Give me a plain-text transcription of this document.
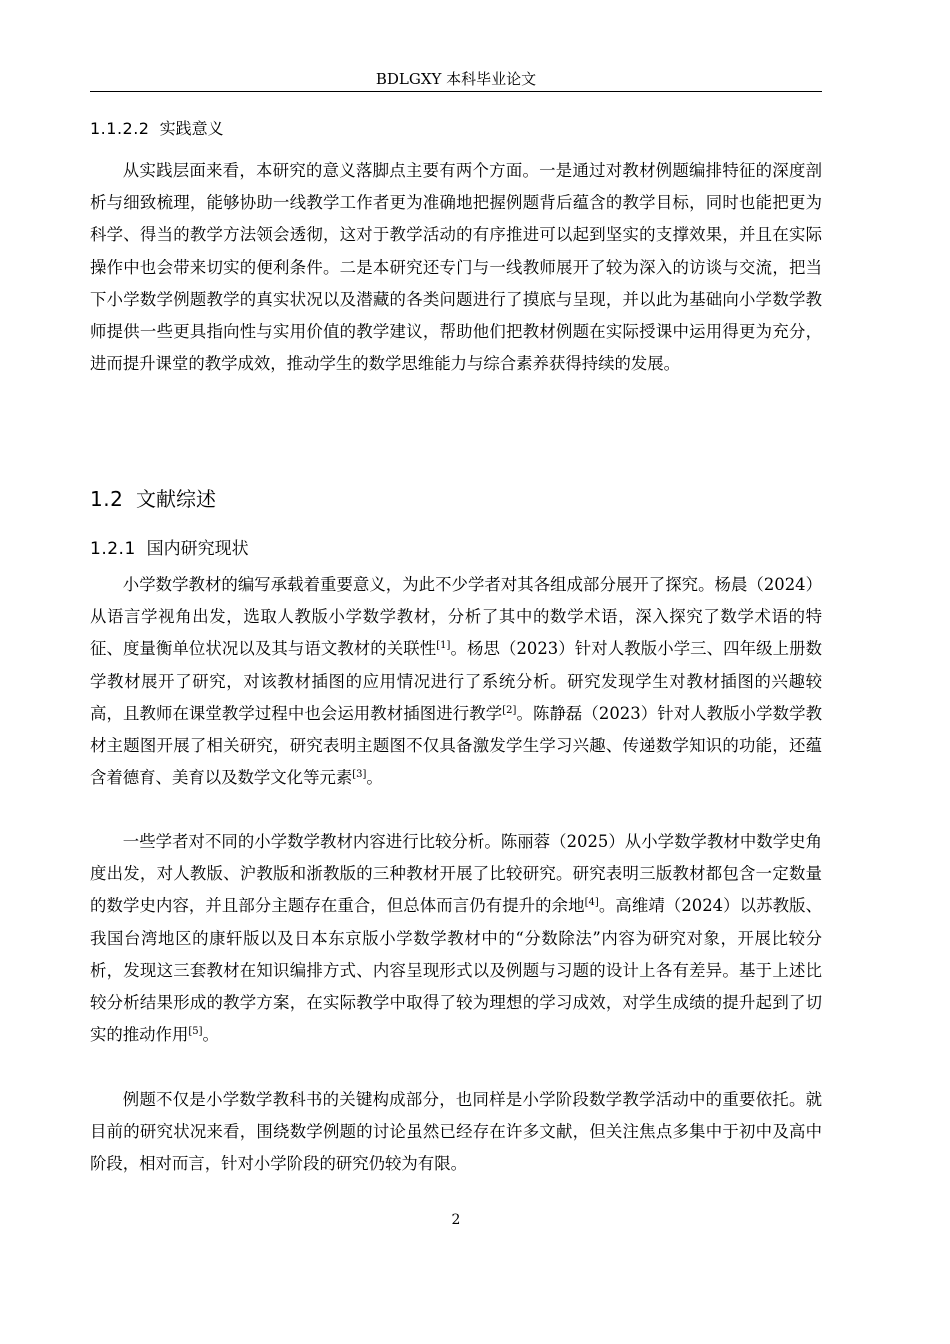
BDLGXY 本科毕业论文
1.1.2.2 实践意义

从实践层面来看，本研究的意义落脚点主要有两个方面。一是通过对教材例题编排特征的深度剖析与细致梳理，能够协助一线教学工作者更为准确地把握例题背后蕴含的教学目标，同时也能把更为科学、得当的教学方法领会透彻，这对于教学活动的有序推进可以起到坚实的支撑效果，并且在实际操作中也会带来切实的便利条件。二是本研究还专门与一线教师展开了较为深入的访谈与交流，把当下小学数学例题教学的真实状况以及潜藏的各类问题进行了摸底与呈现，并以此为基础向小学数学教师提供一些更具指向性与实用价值的教学建议，帮助他们把教材例题在实际授课中运用得更为充分，进而提升课堂的教学成效，推动学生的数学思维能力与综合素养获得持续的发展。

1.2 文献综述
1.2.1 国内研究现状

小学数学教材的编写承载着重要意义，为此不少学者对其各组成部分展开了探究。杨晨（2024）从语言学视角出发，选取人教版小学数学教材，分析了其中的数学术语，深入探究了数学术语的特征、度量衡单位状况以及其与语文教材的关联性[1]。杨思（2023）针对人教版小学三、四年级上册数学教材展开了研究，对该教材插图的应用情况进行了系统分析。研究发现学生对教材插图的兴趣较高，且教师在课堂教学过程中也会运用教材插图进行教学[2]。陈静磊（2023）针对人教版小学数学教材主题图开展了相关研究，研究表明主题图不仅具备激发学生学习兴趣、传递数学知识的功能，还蕴含着德育、美育以及数学文化等元素[3]。

一些学者对不同的小学数学教材内容进行比较分析。陈丽蓉（2025）从小学数学教材中数学史角度出发，对人教版、沪教版和浙教版的三种教材开展了比较研究。研究表明三版教材都包含一定数量的数学史内容，并且部分主题存在重合，但总体而言仍有提升的余地[4]。高维靖（2024）以苏教版、我国台湾地区的康轩版以及日本东京版小学数学教材中的“分数除法”内容为研究对象，开展比较分析，发现这三套教材在知识编排方式、内容呈现形式以及例题与习题的设计上各有差异。基于上述比较分析结果形成的教学方案，在实际教学中取得了较为理想的学习成效，对学生成绩的提升起到了切实的推动作用[5]。

例题不仅是小学数学教科书的关键构成部分，也同样是小学阶段数学教学活动中的重要依托。就目前的研究状况来看，围绕数学例题的讨论虽然已经存在许多文献，但关注焦点多集中于初中及高中阶段，相对而言，针对小学阶段的研究仍较为有限。

2
